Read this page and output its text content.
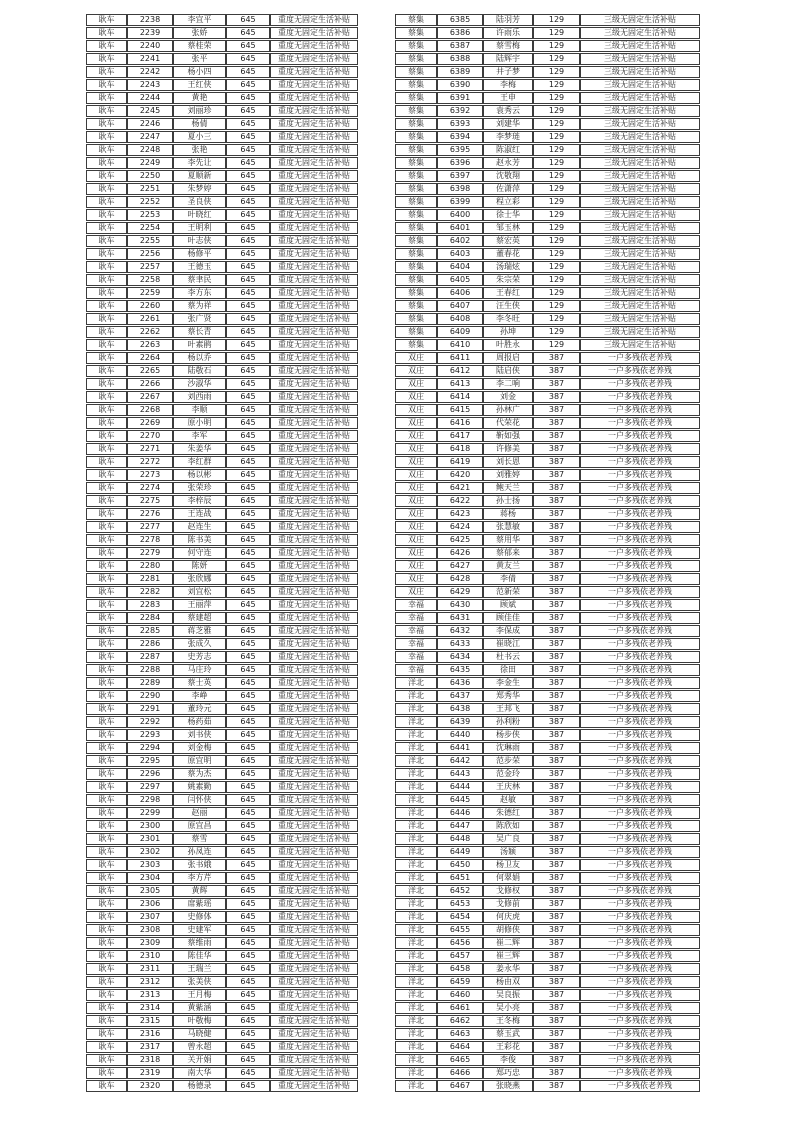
耿车	2238	李宜平	645	重度无固定生活补贴
耿车	2239	张娇	645	重度无固定生活补贴
耿车	2240	蔡桂荣	645	重度无固定生活补贴
耿车	2241	张平	645	重度无固定生活补贴
耿车	2242	杨小四	645	重度无固定生活补贴
耿车	2243	王红侠	645	重度无固定生活补贴
耿车	2244	黄艳	645	重度无固定生活补贴
耿车	2245	刘丽珍	645	重度无固定生活补贴
耿车	2246	杨倩	645	重度无固定生活补贴
耿车	2247	夏小三	645	重度无固定生活补贴
耿车	2248	张艳	645	重度无固定生活补贴
耿车	2249	李先让	645	重度无固定生活补贴
耿车	2250	夏顺新	645	重度无固定生活补贴
耿车	2251	朱梦婷	645	重度无固定生活补贴
耿车	2252	圣良侠	645	重度无固定生活补贴
耿车	2253	叶晓红	645	重度无固定生活补贴
耿车	2254	王明利	645	重度无固定生活补贴
耿车	2255	叶志侠	645	重度无固定生活补贴
耿车	2256	杨修平	645	重度无固定生活补贴
耿车	2257	王德玉	645	重度无固定生活补贴
耿车	2258	蔡聿民	645	重度无固定生活补贴
耿车	2259	李方东	645	重度无固定生活补贴
耿车	2260	蔡为祥	645	重度无固定生活补贴
耿车	2261	张广贤	645	重度无固定生活补贴
耿车	2262	蔡长青	645	重度无固定生活补贴
耿车	2263	叶素鹃	645	重度无固定生活补贴
耿车	2264	杨以乔	645	重度无固定生活补贴
耿车	2265	陆敬石	645	重度无固定生活补贴
耿车	2266	沙淑华	645	重度无固定生活补贴
耿车	2267	刘西雨	645	重度无固定生活补贴
耿车	2268	李顺	645	重度无固定生活补贴
耿车	2269	原小明	645	重度无固定生活补贴
耿车	2270	李军	645	重度无固定生活补贴
耿车	2271	朱姜华	645	重度无固定生活补贴
耿车	2272	李红群	645	重度无固定生活补贴
耿车	2273	杨以彬	645	重度无固定生活补贴
耿车	2274	张荣珍	645	重度无固定生活补贴
耿车	2275	李梓辰	645	重度无固定生活补贴
耿车	2276	王连战	645	重度无固定生活补贴
耿车	2277	赵连生	645	重度无固定生活补贴
耿车	2278	陈书美	645	重度无固定生活补贴
耿车	2279	何守连	645	重度无固定生活补贴
耿车	2280	陈妍	645	重度无固定生活补贴
耿车	2281	张欣娜	645	重度无固定生活补贴
耿车	2282	刘宜松	645	重度无固定生活补贴
耿车	2283	王丽萍	645	重度无固定生活补贴
耿车	2284	蔡建超	645	重度无固定生活补贴
耿车	2285	蒋芝雅	645	重度无固定生活补贴
耿车	2286	张成久	645	重度无固定生活补贴
耿车	2287	史芳志	645	重度无固定生活补贴
耿车	2288	马庄玲	645	重度无固定生活补贴
耿车	2289	蔡士英	645	重度无固定生活补贴
耿车	2290	李峥	645	重度无固定生活补贴
耿车	2291	董玲元	645	重度无固定生活补贴
耿车	2292	杨药茹	645	重度无固定生活补贴
耿车	2293	刘书侠	645	重度无固定生活补贴
耿车	2294	刘金梅	645	重度无固定生活补贴
耿车	2295	原宜明	645	重度无固定生活补贴
耿车	2296	蔡为杰	645	重度无固定生活补贴
耿车	2297	姚素勤	645	重度无固定生活补贴
耿车	2298	闫怀侠	645	重度无固定生活补贴
耿车	2299	赵丽	645	重度无固定生活补贴
耿车	2300	原宜昌	645	重度无固定生活补贴
耿车	2301	蔡雪	645	重度无固定生活补贴
耿车	2302	孙凤连	645	重度无固定生活补贴
耿车	2303	张书娥	645	重度无固定生活补贴
耿车	2304	李方芹	645	重度无固定生活补贴
耿车	2305	黄辉	645	重度无固定生活补贴
耿车	2306	席紫瑶	645	重度无固定生活补贴
耿车	2307	史修体	645	重度无固定生活补贴
耿车	2308	史建军	645	重度无固定生活补贴
耿车	2309	蔡维雨	645	重度无固定生活补贴
耿车	2310	陈佳华	645	重度无固定生活补贴
耿车	2311	王瑞兰	645	重度无固定生活补贴
耿车	2312	张美侠	645	重度无固定生活补贴
耿车	2313	王月梅	645	重度无固定生活补贴
耿车	2314	黄紫涵	645	重度无固定生活补贴
耿车	2315	叶敬梅	645	重度无固定生活补贴
耿车	2316	马晓健	645	重度无固定生活补贴
耿车	2317	曾永超	645	重度无固定生活补贴
耿车	2318	关开娟	645	重度无固定生活补贴
耿车	2319	南大华	645	重度无固定生活补贴
耿车	2320	杨德录	645	重度无固定生活补贴
蔡集	6385	陆羽芳	129	三级无固定生活补贴
蔡集	6386	许雨乐	129	三级无固定生活补贴
蔡集	6387	蔡雪梅	129	三级无固定生活补贴
蔡集	6388	陆辉宇	129	三级无固定生活补贴
蔡集	6389	井子梦	129	三级无固定生活补贴
蔡集	6390	李梅	129	三级无固定生活补贴
蔡集	6391	王申	129	三级无固定生活补贴
蔡集	6392	袁秀云	129	三级无固定生活补贴
蔡集	6393	刘建华	129	三级无固定生活补贴
蔡集	6394	李梦琏	129	三级无固定生活补贴
蔡集	6395	陈淑红	129	三级无固定生活补贴
蔡集	6396	赵永芳	129	三级无固定生活补贴
蔡集	6397	沈敬翔	129	三级无固定生活补贴
蔡集	6398	佐潇萍	129	三级无固定生活补贴
蔡集	6399	程立彩	129	三级无固定生活补贴
蔡集	6400	徐士华	129	三级无固定生活补贴
蔡集	6401	邹玉林	129	三级无固定生活补贴
蔡集	6402	蔡宏英	129	三级无固定生活补贴
蔡集	6403	董春花	129	三级无固定生活补贴
蔡集	6404	汤瑞炫	129	三级无固定生活补贴
蔡集	6405	朱宗荣	129	三级无固定生活补贴
蔡集	6406	王春红	129	三级无固定生活补贴
蔡集	6407	汪生侠	129	三级无固定生活补贴
蔡集	6408	李冬旺	129	三级无固定生活补贴
蔡集	6409	孙坤	129	三级无固定生活补贴
蔡集	6410	叶胜永	129	三级无固定生活补贴
双庄	6411	周报启	387	一户多残依老养残
双庄	6412	陆启侠	387	一户多残依老养残
双庄	6413	李二响	387	一户多残依老养残
双庄	6414	刘金	387	一户多残依老养残
双庄	6415	孙林广	387	一户多残依老养残
双庄	6416	代荣花	387	一户多残依老养残
双庄	6417	靳如强	387	一户多残依老养残
双庄	6418	许修美	387	一户多残依老养残
双庄	6419	刘长恩	387	一户多残依老养残
双庄	6420	刘雅婷	387	一户多残依老养残
双庄	6421	鲍天兰	387	一户多残依老养残
双庄	6422	孙士扬	387	一户多残依老养残
双庄	6423	蒋杨	387	一户多残依老养残
双庄	6424	张慧敏	387	一户多残依老养残
双庄	6425	蔡用华	387	一户多残依老养残
双庄	6426	蔡郁来	387	一户多残依老养残
双庄	6427	黄友兰	387	一户多残依老养残
双庄	6428	李倩	387	一户多残依老养残
双庄	6429	范新荣	387	一户多残依老养残
幸福	6430	顾斌	387	一户多残依老养残
幸福	6431	顾佳佳	387	一户多残依老养残
幸福	6432	李保成	387	一户多残依老养残
幸福	6433	崔晓江	387	一户多残依老养残
幸福	6434	杜书云	387	一户多残依老养残
幸福	6435	徐田	387	一户多残依老养残
洋北	6436	李金生	387	一户多残依老养残
洋北	6437	郑秀华	387	一户多残依老养残
洋北	6438	王邦飞	387	一户多残依老养残
洋北	6439	孙利粉	387	一户多残依老养残
洋北	6440	杨步侠	387	一户多残依老养残
洋北	6441	沈琳雨	387	一户多残依老养残
洋北	6442	范步荣	387	一户多残依老养残
洋北	6443	范金玲	387	一户多残依老养残
洋北	6444	王庆林	387	一户多残依老养残
洋北	6445	赵敏	387	一户多残依老养残
洋北	6446	朱德红	387	一户多残依老养残
洋北	6447	陈欣如	387	一户多残依老养残
洋北	6448	吴广良	387	一户多残依老养残
洋北	6449	汤颖	387	一户多残依老养残
洋北	6450	杨卫友	387	一户多残依老养残
洋北	6451	何翠娟	387	一户多残依老养残
洋北	6452	戈修权	387	一户多残依老养残
洋北	6453	戈修前	387	一户多残依老养残
洋北	6454	何庆虎	387	一户多残依老养残
洋北	6455	胡修侠	387	一户多残依老养残
洋北	6456	崔二辉	387	一户多残依老养残
洋北	6457	崔三辉	387	一户多残依老养残
洋北	6458	姜永华	387	一户多残依老养残
洋北	6459	杨由双	387	一户多残依老养残
洋北	6460	吴良振	387	一户多残依老养残
洋北	6461	吴小亮	387	一户多残依老养残
洋北	6462	王冬梅	387	一户多残依老养残
洋北	6463	蔡玉武	387	一户多残依老养残
洋北	6464	王彩花	387	一户多残依老养残
洋北	6465	李俊	387	一户多残依老养残
洋北	6466	郑巧忠	387	一户多残依老养残
洋北	6467	张晓燕	387	一户多残依老养残
